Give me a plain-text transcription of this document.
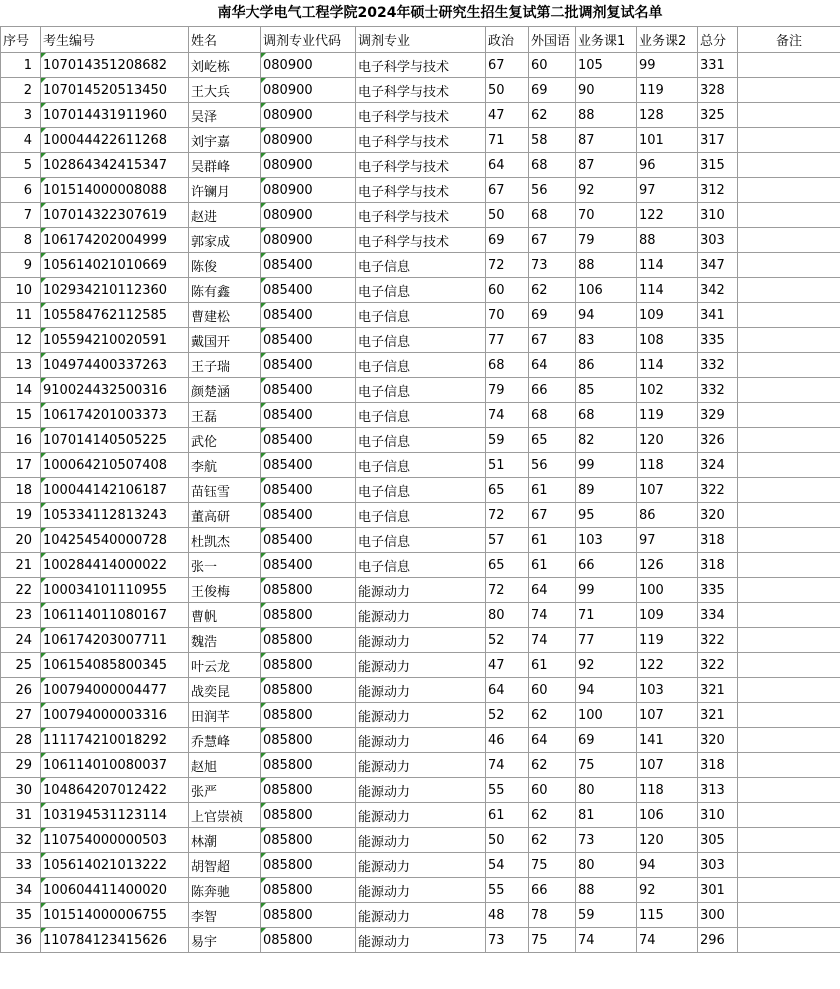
南华大学电气工程学院2024年硕士研究生招生复试第二批调剂复试名单
序号	考生编号	姓名	调剂专业代码	调剂专业	政治	外国语	业务课1	业务课2	总分	备注
1	107014351208682	刘屹栋	080900	电子科学与技术	67	60	105	99	331	
2	107014520513450	王大兵	080900	电子科学与技术	50	69	90	119	328	
3	107014431911960	吴泽	080900	电子科学与技术	47	62	88	128	325	
4	100044422611268	刘宇嘉	080900	电子科学与技术	71	58	87	101	317	
5	102864342415347	吴群峰	080900	电子科学与技术	64	68	87	96	315	
6	101514000008088	许镧月	080900	电子科学与技术	67	56	92	97	312	
7	107014322307619	赵进	080900	电子科学与技术	50	68	70	122	310	
8	106174202004999	郭家成	080900	电子科学与技术	69	67	79	88	303	
9	105614021010669	陈俊	085400	电子信息	72	73	88	114	347	
10	102934210112360	陈有鑫	085400	电子信息	60	62	106	114	342	
11	105584762112585	曹建松	085400	电子信息	70	69	94	109	341	
12	105594210020591	戴国开	085400	电子信息	77	67	83	108	335	
13	104974400337263	王子瑞	085400	电子信息	68	64	86	114	332	
14	910024432500316	颜楚涵	085400	电子信息	79	66	85	102	332	
15	106174201003373	王磊	085400	电子信息	74	68	68	119	329	
16	107014140505225	武伦	085400	电子信息	59	65	82	120	326	
17	100064210507408	李航	085400	电子信息	51	56	99	118	324	
18	100044142106187	苗钰雪	085400	电子信息	65	61	89	107	322	
19	105334112813243	董高研	085400	电子信息	72	67	95	86	320	
20	104254540000728	杜凯杰	085400	电子信息	57	61	103	97	318	
21	100284414000022	张一	085400	电子信息	65	61	66	126	318	
22	100034101110955	王俊梅	085800	能源动力	72	64	99	100	335	
23	106114011080167	曹帆	085800	能源动力	80	74	71	109	334	
24	106174203007711	魏浩	085800	能源动力	52	74	77	119	322	
25	106154085800345	叶云龙	085800	能源动力	47	61	92	122	322	
26	100794000004477	战奕昆	085800	能源动力	64	60	94	103	321	
27	100794000003316	田润芊	085800	能源动力	52	62	100	107	321	
28	111174210018292	乔慧峰	085800	能源动力	46	64	69	141	320	
29	106114010080037	赵旭	085800	能源动力	74	62	75	107	318	
30	104864207012422	张严	085800	能源动力	55	60	80	118	313	
31	103194531123114	上官崇祯	085800	能源动力	61	62	81	106	310	
32	110754000000503	林潮	085800	能源动力	50	62	73	120	305	
33	105614021013222	胡智超	085800	能源动力	54	75	80	94	303	
34	100604411400020	陈奔驰	085800	能源动力	55	66	88	92	301	
35	101514000006755	李智	085800	能源动力	48	78	59	115	300	
36	110784123415626	易宇	085800	能源动力	73	75	74	74	296	
